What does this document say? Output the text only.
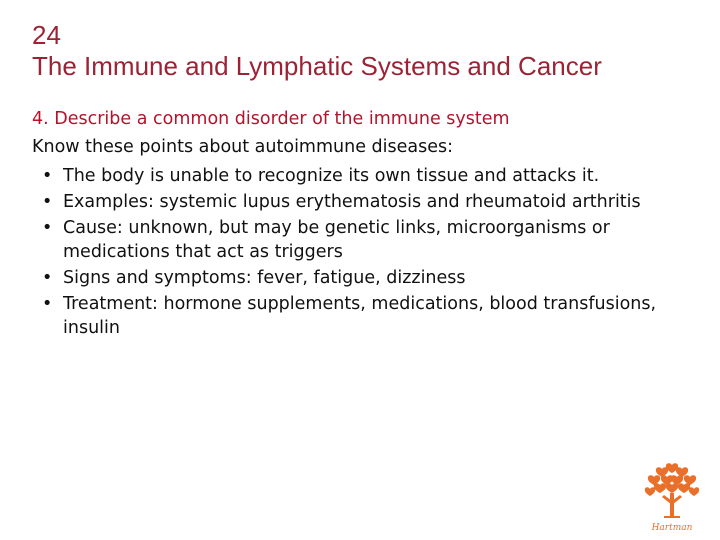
24
The Immune and Lymphatic Systems and Cancer
4. Describe a common disorder of the immune system
Know these points about autoimmune diseases:
• The body is unable to recognize its own tissue and attacks it.
• Examples: systemic lupus erythematosis and rheumatoid arthritis
• Cause: unknown, but may be genetic links, microorganisms or medications that act as triggers
• Signs and symptoms: fever, fatigue, dizziness
• Treatment: hormone supplements, medications, blood transfusions, insulin
Hartman
